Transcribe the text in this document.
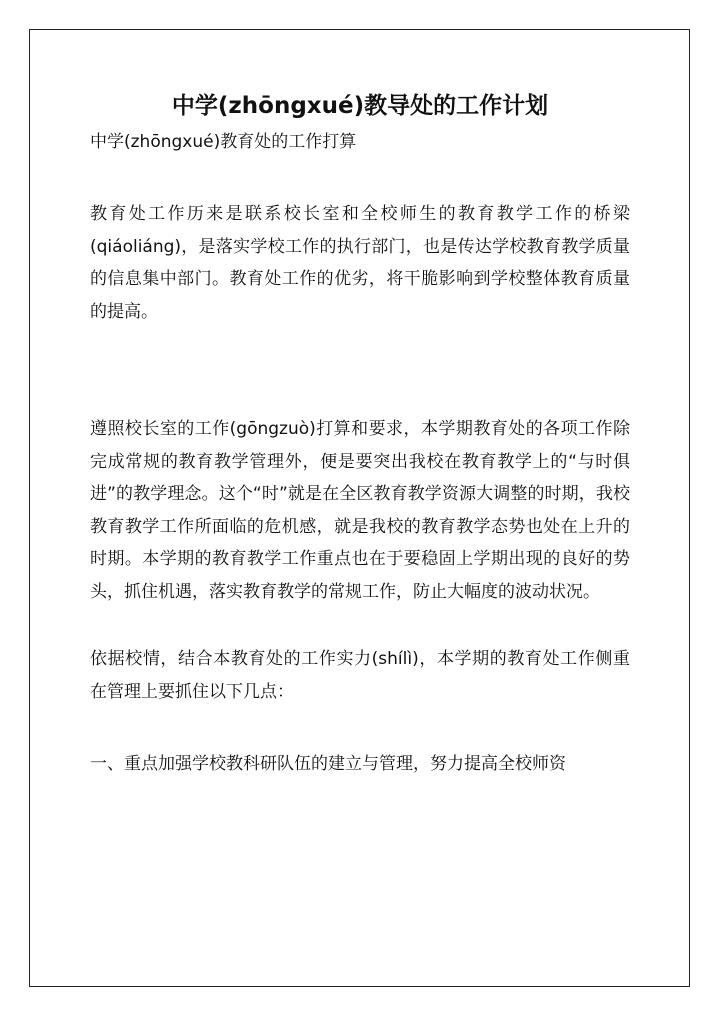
中学(zhōngxué)教导处的工作计划
中学(zhōngxué)教育处的工作打算

教育处工作历来是联系校长室和全校师生的教育教学工作的桥梁(qiáoliáng)，是落实学校工作的执行部门，也是传达学校教育教学质量的信息集中部门。教育处工作的优劣，将干脆影响到学校整体教育质量的提高。

遵照校长室的工作(gōngzuò)打算和要求，本学期教育处的各项工作除完成常规的教育教学管理外，便是要突出我校在教育教学上的“与时俱进”的教学理念。这个“时”就是在全区教育教学资源大调整的时期，我校教育教学工作所面临的危机感，就是我校的教育教学态势也处在上升的时期。本学期的教育教学工作重点也在于要稳固上学期出现的良好的势头，抓住机遇，落实教育教学的常规工作，防止大幅度的波动状况。

依据校情，结合本教育处的工作实力(shílì)，本学期的教育处工作侧重在管理上要抓住以下几点：

一、重点加强学校教科研队伍的建立与管理，努力提高全校师资
